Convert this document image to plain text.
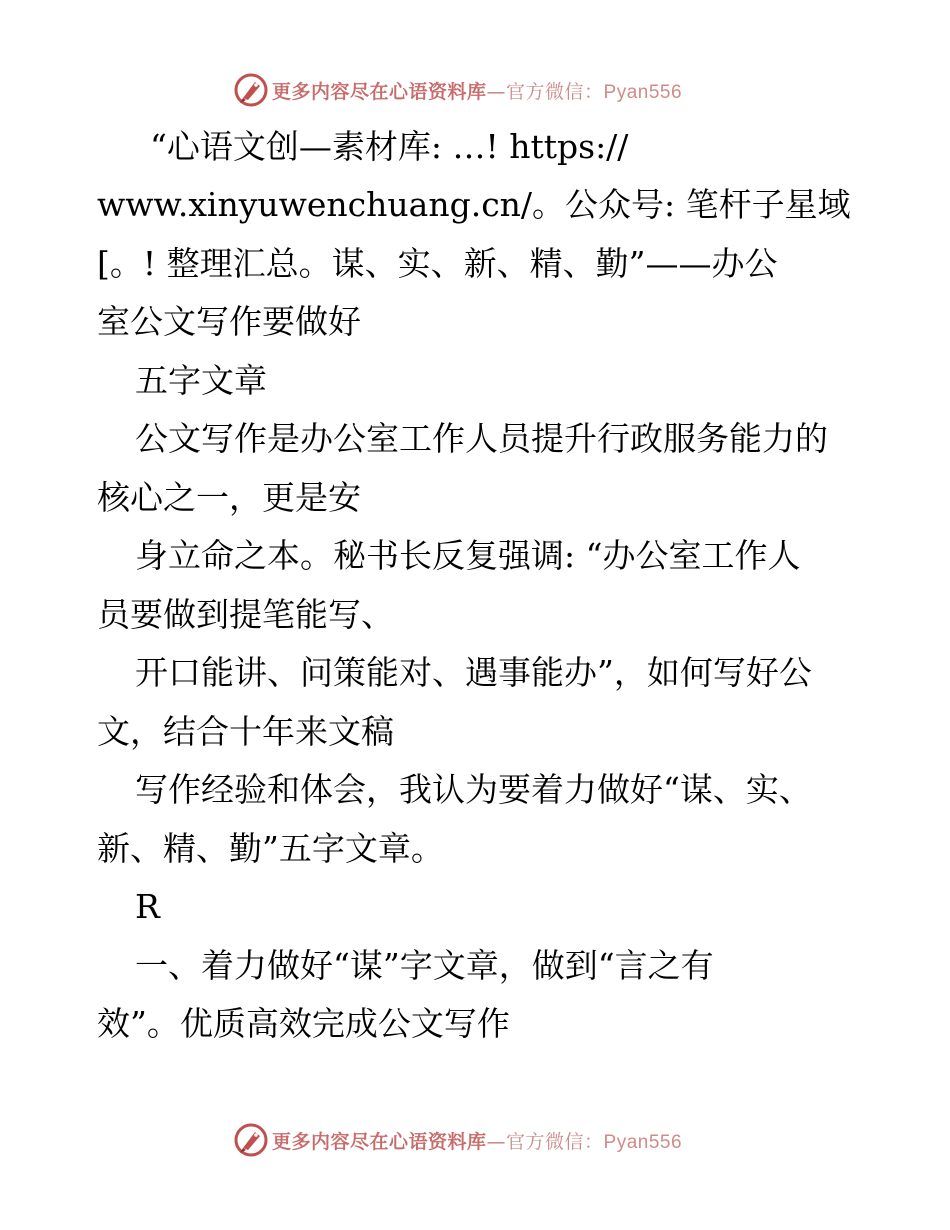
更多内容尽在心语资料库—官方微信：Pyan556
“心语文创—素材库: …! https://
www.xinyuwenchuang.cn/。公众号: 笔杆子星域
[。! 整理汇总。谋、实、新、精、勤”——办公
室公文写作要做好
五字文章
公文写作是办公室工作人员提升行政服务能力的
核心之一，更是安
身立命之本。秘书长反复强调: “办公室工作人
员要做到提笔能写、
开口能讲、问策能对、遇事能办”，如何写好公
文，结合十年来文稿
写作经验和体会，我认为要着力做好“谋、实、
新、精、勤”五字文章。
R
一、着力做好“谋”字文章，做到“言之有
效”。优质高效完成公文写作
更多内容尽在心语资料库—官方微信：Pyan556
